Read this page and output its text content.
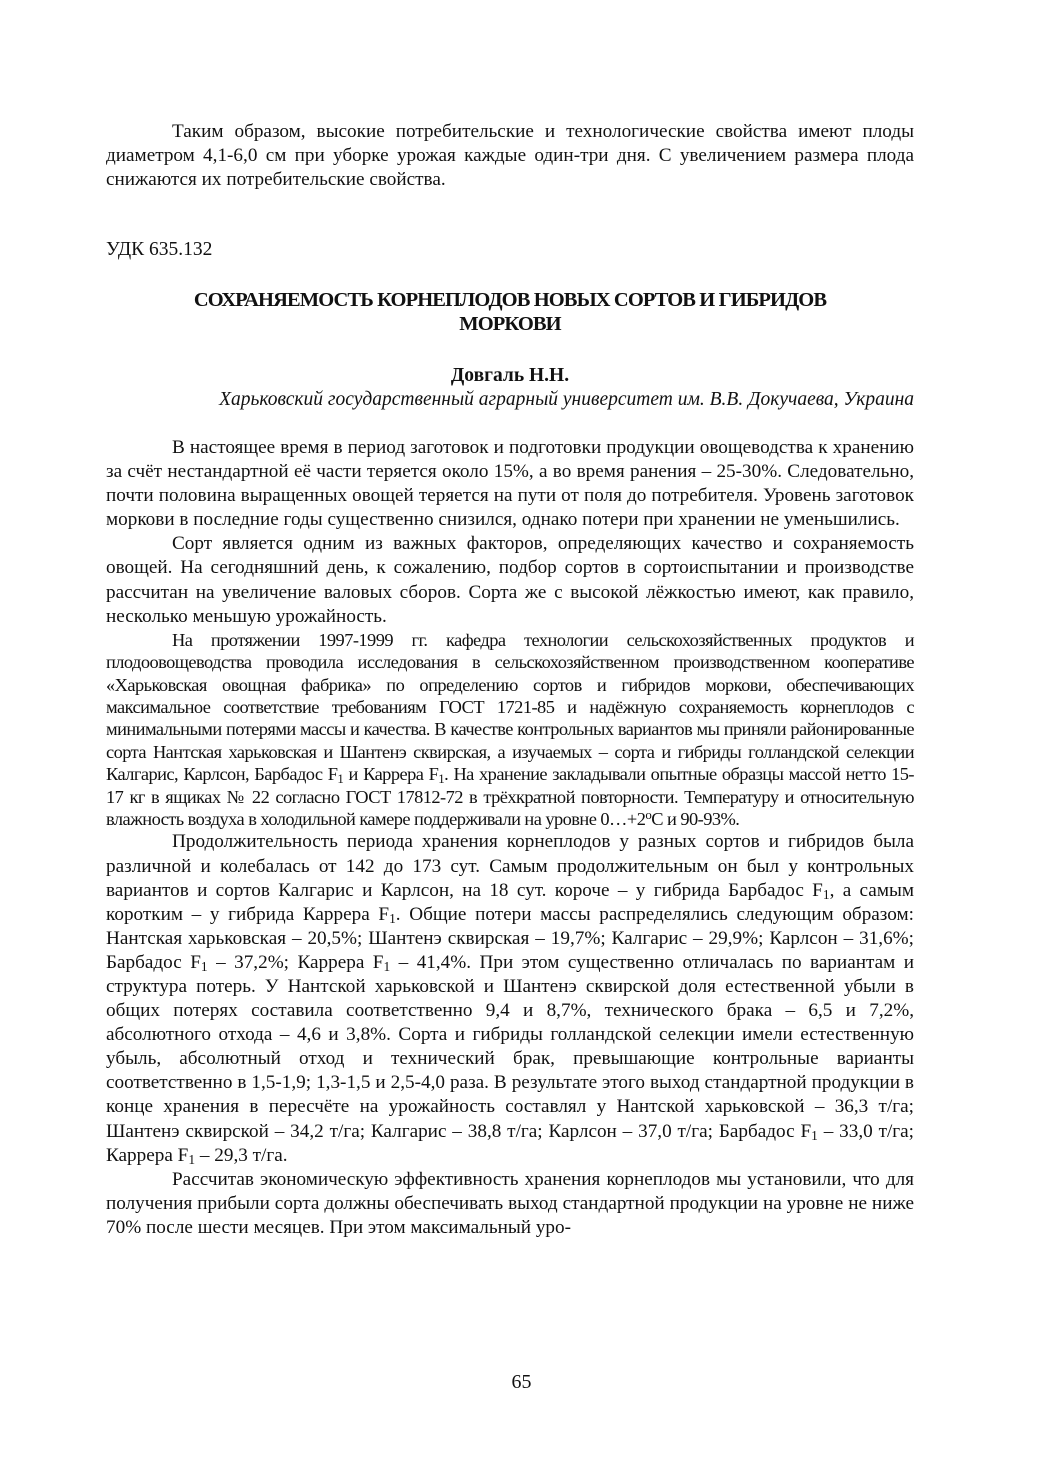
Таким образом, высокие потребительские и технологические свойства имеют плоды диаметром 4,1-6,0 см при уборке урожая каждые один-три дня. С увеличением размера плода снижаются их потребительские свойства.

УДК 635.132
СОХРАНЯЕМОСТЬ КОРНЕПЛОДОВ НОВЫХ СОРТОВ И ГИБРИДОВ
МОРКОВИ
Довгаль Н.Н.
Харьковский государственный аграрный университет им. В.В. Докучаева, Украина

В настоящее время в период заготовок и подготовки продукции овощеводства к хранению за счёт нестандартной её части теряется около 15%, а во время ранения – 25-30%. Следовательно, почти половина выращенных овощей теряется на пути от поля до потребителя. Уровень заготовок моркови в последние годы существенно снизился, однако потери при хранении не уменьшились.

Сорт является одним из важных факторов, определяющих качество и сохраняемость овощей. На сегодняшний день, к сожалению, подбор сортов в сортоиспытании и производстве рассчитан на увеличение валовых сборов. Сорта же с высокой лёжкостью имеют, как правило, несколько меньшую урожайность.

На протяжении 1997-1999 гг. кафедра технологии сельскохозяйственных продуктов и плодоовощеводства проводила исследования в сельскохозяйственном производственном кооперативе «Харьковская овощная фабрика» по определению сортов и гибридов моркови, обеспечивающих максимальное соответствие требованиям ГОСТ 1721-85 и надёжную сохраняемость корнеплодов с минимальными потерями массы и качества. В качестве контрольных вариантов мы приняли районированные сорта Нантская харьковская и Шантенэ сквирская, а изучаемых – сорта и гибриды голландской селекции Калгарис, Карлсон, Барбадос $F_1$ и Каррера $F_1$. На хранение закладывали опытные образцы массой нетто 15-17 кг в ящиках № 22 согласно ГОСТ 17812-72 в трёхкратной повторности. Температуру и относительную влажность воздуха в холодильной камере поддерживали на уровне $0\dots+2^oС$ и 90-93%.

Продолжительность периода хранения корнеплодов у разных сортов и гибридов была различной и колебалась от 142 до 173 сут. Самым продолжительным он был у контрольных вариантов и сортов Калгарис и Карлсон, на 18 сут. короче – у гибрида Барбадос $F_1$, а самым коротким – у гибрида Каррера $F_1$. Общие потери массы распределялись следующим образом: Нантская харьковская – 20,5%; Шантенэ сквирская – 19,7%; Калгарис – 29,9%; Карлсон – 31,6%; Барбадос $F_1 - 37,2\%$; Каррера $F_1 - 41,4\%$. При этом существенно отличалась по вариантам и структура потерь. У Нантской харьковской и Шантенэ сквирской доля естественной убыли в общих потерях составила соответственно 9,4 и 8,7%, технического брака – 6,5 и 7,2%, абсолютного отхода – 4,6 и 3,8%. Сорта и гибриды голландской селекции имели естественную убыль, абсолютный отход и технический брак, превышающие контрольные варианты соответственно в 1,5-1,9; 1,3-1,5 и 2,5-4,0 раза. В результате этого выход стандартной продукции в конце хранения в пересчёте на урожайность составлял у Нантской харьковской – 36,3 т/га; Шантенэ сквирской – 34,2 т/га; Калгарис – 38,8 т/га; Карлсон – 37,0 т/га; Барбадос $F_1 - 33,0$ т/га; Каррера $F_1 - 29,3$ т/га.

Рассчитав экономическую эффективность хранения корнеплодов мы установили, что для получения прибыли сорта должны обеспечивать выход стандартной продукции на уровне не ниже 70% после шести месяцев. При этом максимальный уро-

65
